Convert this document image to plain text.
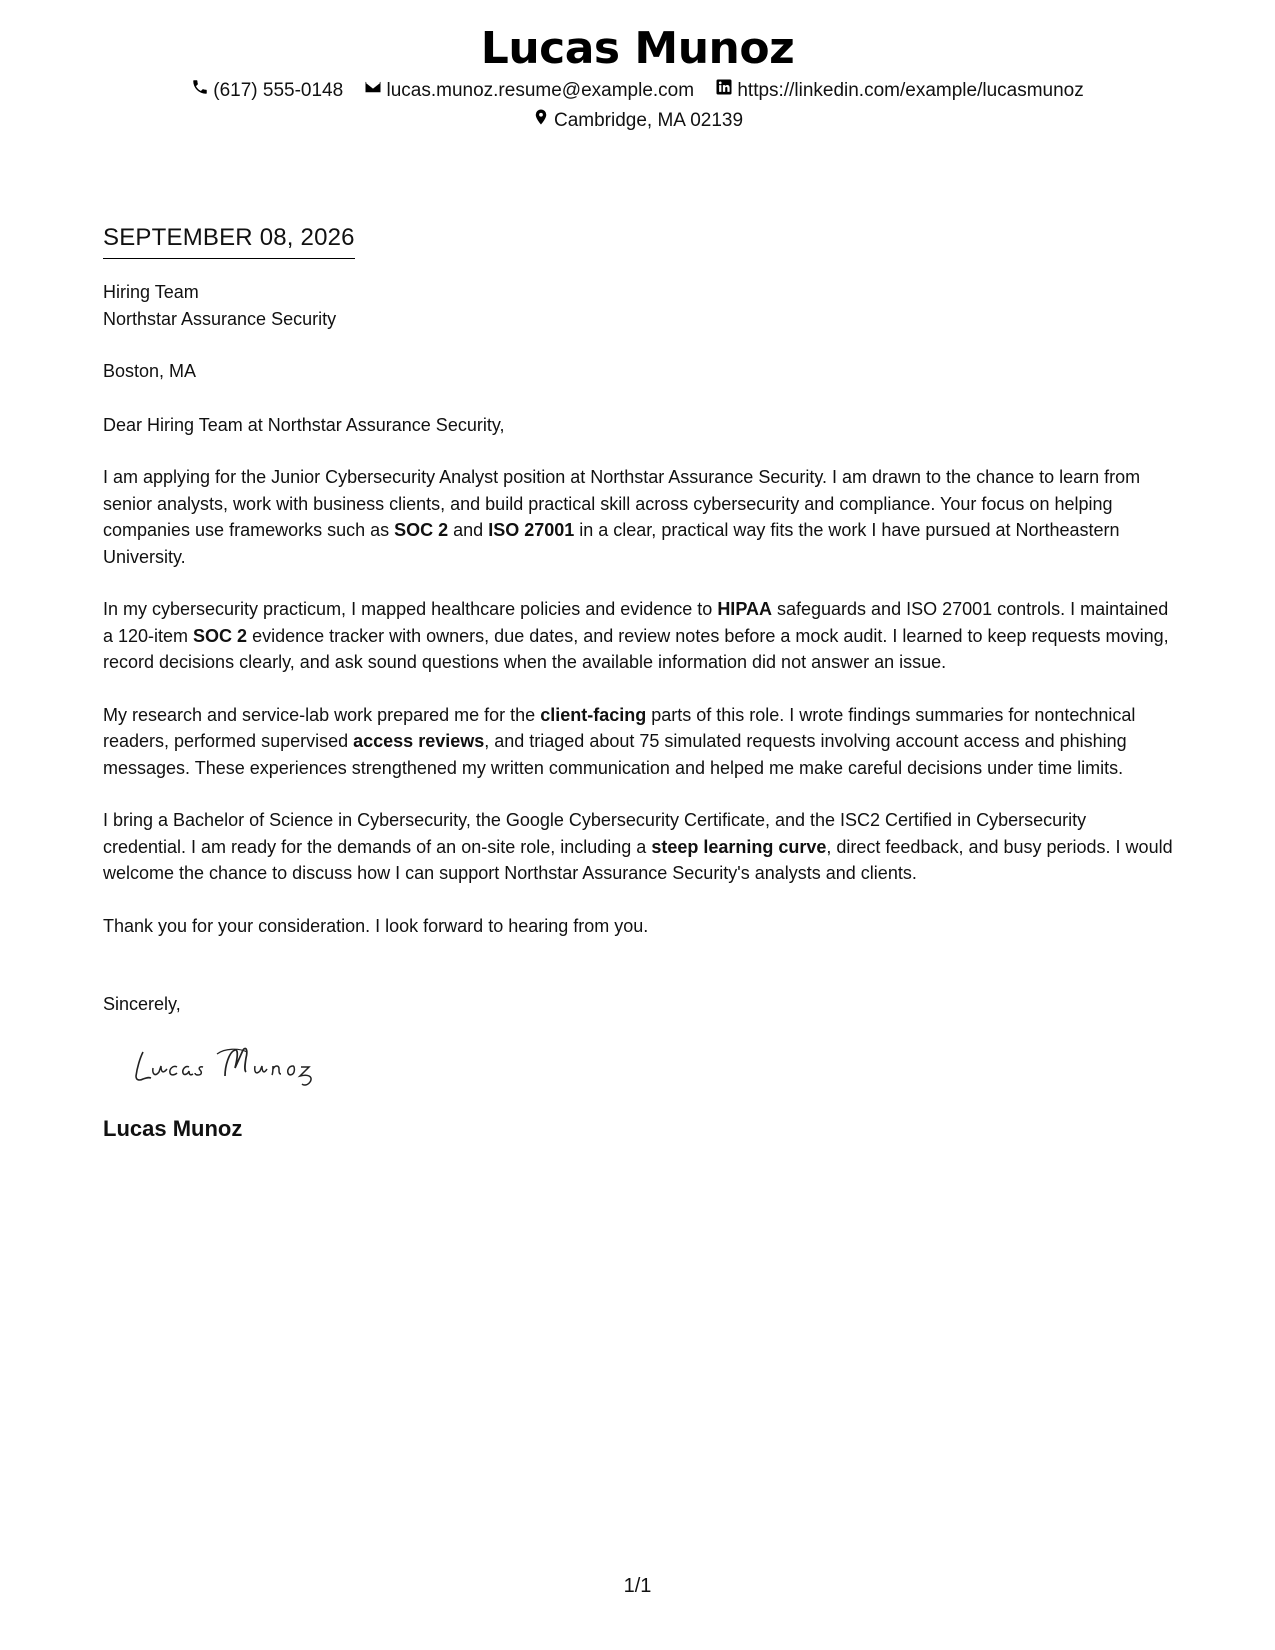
Lucas Munoz
(617) 555-0148
lucas.munoz.resume@example.com
https://linkedin.com/example/lucasmunoz
Cambridge, MA 02139
SEPTEMBER 08, 2026
Hiring Team
Northstar Assurance Security
Boston, MA
Dear Hiring Team at Northstar Assurance Security,
I am applying for the Junior Cybersecurity Analyst position at Northstar Assurance Security. I am drawn to the chance to learn from senior analysts, work with business clients, and build practical skill across cybersecurity and compliance. Your focus on helping companies use frameworks such as SOC 2 and ISO 27001 in a clear, practical way fits the work I have pursued at Northeastern University.
In my cybersecurity practicum, I mapped healthcare policies and evidence to HIPAA safeguards and ISO 27001 controls. I maintained a 120-item SOC 2 evidence tracker with owners, due dates, and review notes before a mock audit. I learned to keep requests moving, record decisions clearly, and ask sound questions when the available information did not answer an issue.
My research and service-lab work prepared me for the client-facing parts of this role. I wrote findings summaries for nontechnical readers, performed supervised access reviews, and triaged about 75 simulated requests involving account access and phishing messages. These experiences strengthened my written communication and helped me make careful decisions under time limits.
I bring a Bachelor of Science in Cybersecurity, the Google Cybersecurity Certificate, and the ISC2 Certified in Cybersecurity credential. I am ready for the demands of an on-site role, including a steep learning curve, direct feedback, and busy periods. I would welcome the chance to discuss how I can support Northstar Assurance Security's analysts and clients.
Thank you for your consideration. I look forward to hearing from you.
Sincerely,
Lucas Munoz
1/1
